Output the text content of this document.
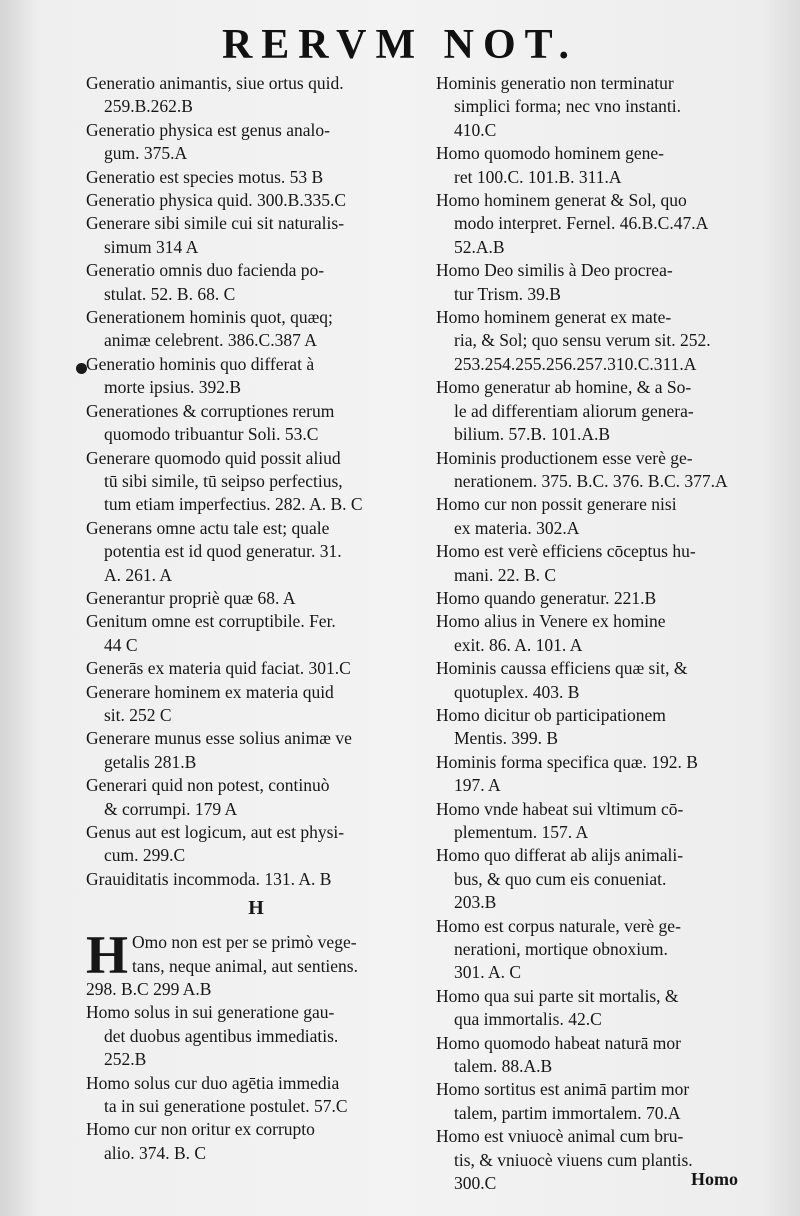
RERVM NOT.
Generatio animantis, siue ortus quid.
259.B.262.B
Generatio physica est genus analo-
gum. 375.A
Generatio est species motus. 53 B
Generatio physica quid. 300.B.335.C
Generare sibi simile cui sit naturalis-
simum 314 A
Generatio omnis duo facienda po-
stulat. 52. B. 68. C
Generationem hominis quot, quæq;
animæ celebrent. 386.C.387 A
Generatio hominis quo differat à
morte ipsius. 392.B
Generationes & corruptiones rerum
quomodo tribuantur Soli. 53.C
Generare quomodo quid possit aliud
tū sibi simile, tū seipso perfectius,
tum etiam imperfectius. 282. A. B. C
Generans omne actu tale est; quale
potentia est id quod generatur. 31.
A. 261. A
Generantur propriè quæ 68. A
Genitum omne est corruptibile. Fer.
44 C
Generās ex materia quid faciat. 301.C
Generare hominem ex materia quid
sit. 252 C
Generare munus esse solius animæ ve
getalis 281.B
Generari quid non potest, continuò
& corrumpi. 179 A
Genus aut est logicum, aut est physi-
cum. 299.C
Grauiditatis incommoda. 131. A. B
H
H Omo non est per se primò vege-
tans, neque animal, aut sentiens.
298. B.C 299 A.B
Homo solus in sui generatione gau-
det duobus agentibus immediatis.
252.B
Homo solus cur duo agētia immedia
ta in sui generatione postulet. 57.C
Homo cur non oritur ex corrupto
alio. 374. B. C
Hominis generatio non terminatur
simplici forma; nec vno instanti.
410.C
Homo quomodo hominem gene-
ret 100.C. 101.B. 311.A
Homo hominem generat & Sol, quo
modo interpret. Fernel. 46.B.C.47.A
52.A.B
Homo Deo similis à Deo procrea-
tur Trism. 39.B
Homo hominem generat ex mate-
ria, & Sol; quo sensu verum sit. 252.
253.254.255.256.257.310.C.311.A
Homo generatur ab homine, & a So-
le ad differentiam aliorum genera-
bilium. 57.B. 101.A.B
Hominis productionem esse verè ge-
nerationem. 375. B.C. 376. B.C. 377.A
Homo cur non possit generare nisi
ex materia. 302.A
Homo est verè efficiens cōceptus hu-
mani. 22. B. C
Homo quando generatur. 221.B
Homo alius in Venere ex homine
exit. 86. A. 101. A
Hominis caussa efficiens quæ sit, &
quotuplex. 403. B
Homo dicitur ob participationem
Mentis. 399. B
Hominis forma specifica quæ. 192. B
197. A
Homo vnde habeat sui vltimum cō-
plementum. 157. A
Homo quo differat ab alijs animali-
bus, & quo cum eis conueniat.
203.B
Homo est corpus naturale, verè ge-
nerationi, mortique obnoxium.
301. A. C
Homo qua sui parte sit mortalis, &
qua immortalis. 42.C
Homo quomodo habeat naturā mor
talem. 88.A.B
Homo sortitus est animā partim mor
talem, partim immortalem. 70.A
Homo est vniuocè animal cum bru-
tis, & vniuocè viuens cum plantis.
300.C	Homo
